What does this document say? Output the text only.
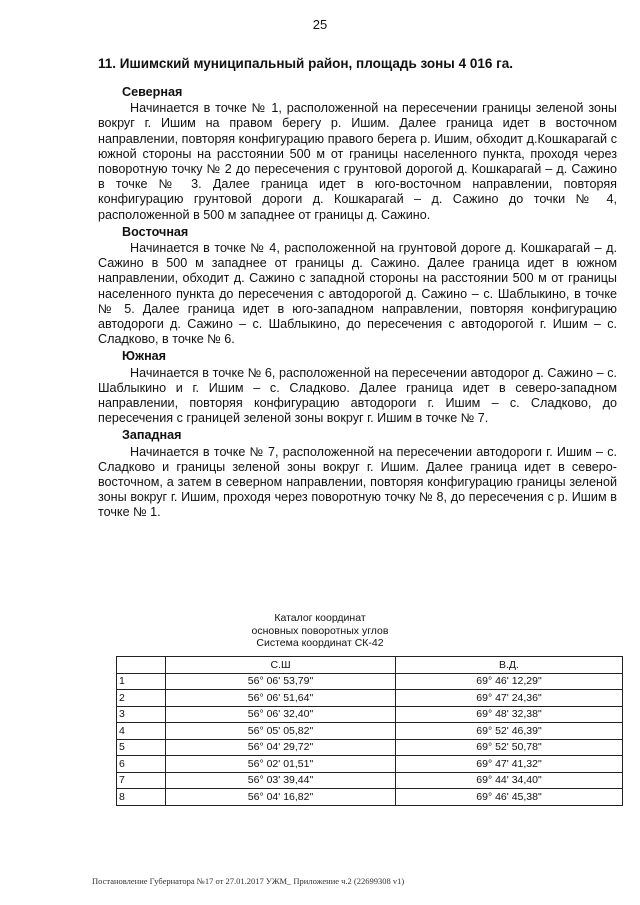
25
11. Ишимский муниципальный район, площадь зоны 4 016 га.
Северная

Начинается в точке № 1, расположенной на пересечении границы зеленой зоны вокруг г. Ишим на правом берегу р. Ишим. Далее граница идет в восточном направлении, повторяя конфигурацию правого берега р. Ишим, обходит д.Кошкарагай с южной стороны на расстоянии 500 м от границы населенного пункта, проходя через поворотную точку № 2 до пересечения с грунтовой дорогой д. Кошкарагай – д. Сажино в точке № 3. Далее граница идет в юго-восточном направлении, повторяя конфигурацию грунтовой дороги д. Кошкарагай – д. Сажино до точки № 4, расположенной в 500 м западнее от границы д. Сажино.

Восточная

Начинается в точке № 4, расположенной на грунтовой дороге д. Кошкарагай – д. Сажино в 500 м западнее от границы д. Сажино. Далее граница идет в южном направлении, обходит д. Сажино с западной стороны на расстоянии 500 м от границы населенного пункта до пересечения с автодорогой д. Сажино – с. Шаблыкино, в точке № 5. Далее граница идет в юго-западном направлении, повторяя конфигурацию автодороги д. Сажино – с. Шаблыкино, до пересечения с автодорогой г. Ишим – с. Сладково, в точке № 6.

Южная

Начинается в точке № 6, расположенной на пересечении автодорог д. Сажино – с. Шаблыкино и г. Ишим – с. Сладково. Далее граница идет в северо-западном направлении, повторяя конфигурацию автодороги г. Ишим – с. Сладково, до пересечения с границей зеленой зоны вокруг г. Ишим в точке № 7.

Западная

Начинается в точке № 7, расположенной на пересечении автодороги г. Ишим – с. Сладково и границы зеленой зоны вокруг г. Ишим. Далее граница идет в северо-восточном, а затем в северном направлении, повторяя конфигурацию границы зеленой зоны вокруг г. Ишим, проходя через поворотную точку № 8, до пересечения с р. Ишим в точке № 1.

Каталог координат
основных поворотных углов
Система координат СК-42
	С.Ш	В.Д.
1	56° 06' 53,79"	69° 46' 12,29"
2	56° 06' 51,64"	69° 47' 24,36"
3	56° 06' 32,40"	69° 48' 32,38"
4	56° 05' 05,82"	69° 52' 46,39"
5	56° 04' 29,72"	69° 52' 50,78"
6	56° 02' 01,51"	69° 47' 41,32"
7	56° 03' 39,44"	69° 44' 34,40"
8	56° 04' 16,82"	69° 46' 45,38"
Постановление Губернатора №17 от 27.01.2017 УЖМ_ Приложение ч.2 (22699308 v1)
